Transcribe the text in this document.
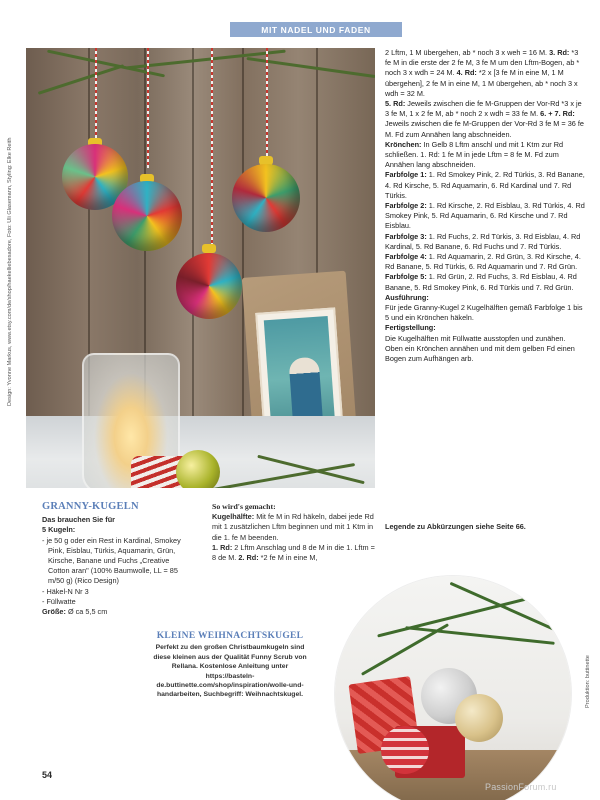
MIT NADEL UND FADEN
Design: Yvonne Markus, www.etsy.com/de/shop/haekelliebesadore, Foto: Uli Glasemann, Styling: Elke Reith

2 Lftm, 1 M übergehen, ab * noch 3 x weh = 16 M. 3. Rd: *3 fe M in die erste der 2 fe M, 3 fe M um den Lftm-Bogen, ab * noch 3 x wdh = 24 M. 4. Rd: *2 x [3 fe M in eine M, 1 M übergehen], 2 fe M in eine M, 1 M übergehen, ab * noch 3 x wdh = 32 M.

5. Rd: Jeweils zwischen die fe M-Gruppen der Vor-Rd *3 x je 3 fe M, 1 x 2 fe M, ab * noch 2 x wdh = 33 fe M. 6. + 7. Rd: Jeweils zwischen die fe M-Gruppen der Vor-Rd 3 fe M = 36 fe M. Fd zum Annähen lang abschneiden.

Krönchen: In Gelb 8 Lftm anschl und mit 1 Ktm zur Rd schließen. 1. Rd: 1 fe M in jede Lftm = 8 fe M. Fd zum Annähen lang abschneiden.

Farbfolge 1: 1. Rd Smokey Pink, 2. Rd Türkis, 3. Rd Banane, 4. Rd Kirsche, 5. Rd Aquamarin, 6. Rd Kardinal und 7. Rd Türkis.

Farbfolge 2: 1. Rd Kirsche, 2. Rd Eisblau, 3. Rd Türkis, 4. Rd Smokey Pink, 5. Rd Aquamarin, 6. Rd Kirsche und 7. Rd Eisblau.

Farbfolge 3: 1. Rd Fuchs, 2. Rd Türkis, 3. Rd Eisblau, 4. Rd Kardinal, 5. Rd Banane, 6. Rd Fuchs und 7. Rd Türkis.

Farbfolge 4: 1. Rd Aquamarin, 2. Rd Grün, 3. Rd Kirsche, 4. Rd Banane, 5. Rd Türkis, 6. Rd Aquamarin und 7. Rd Grün.

Farbfolge 5: 1. Rd Grün, 2. Rd Fuchs, 3. Rd Eisblau, 4. Rd Banane, 5. Rd Smokey Pink, 6. Rd Türkis und 7. Rd Grün.

Ausführung:

Für jede Granny-Kugel 2 Kugelhälften gemäß Farbfolge 1 bis 5 und ein Krönchen häkeln.

Fertigstellung:

Die Kugelhälften mit Füllwatte ausstopfen und zunähen. Oben ein Krönchen annähen und mit dem gelben Fd einen Bogen zum Aufhängen arb.

Legende zu Abkürzungen siehe Seite 66.
GRANNY-KUGELN
Das brauchen Sie für
5 Kugeln:
- je 50 g oder ein Rest in Kardinal, Smokey Pink, Eisblau, Türkis, Aquamarin, Grün, Kirsche, Banane und Fuchs „Creative Cotton aran" (100% Baumwolle, LL = 85 m/50 g) (Rico Design)
- Häkel-N Nr 3
- Füllwatte
Größe: Ø ca 5,5 cm
So wird's gemacht:
Kugelhälfte: Mit fe M in Rd häkeln, dabei jede Rd mit 1 zusätzlichen Lftm beginnen und mit 1 Ktm in die 1. fe M beenden.
1. Rd: 2 Lftm Anschlag und 8 de M in die 1. Lftm = 8 de M. 2. Rd: *2 fe M in eine M,
KLEINE WEIHNACHTSKUGEL
Perfekt zu den großen Christbaumkugeln sind diese kleinen aus der Qualität Funny Scrub von Rellana. Kostenlose Anleitung unter https://basteln-de.buttinette.com/shop/inspiration/wolle-und-handarbeiten, Suchbegriff: Weihnachtskugel.	Produktion: buttinette
54
PassionForum.ru
